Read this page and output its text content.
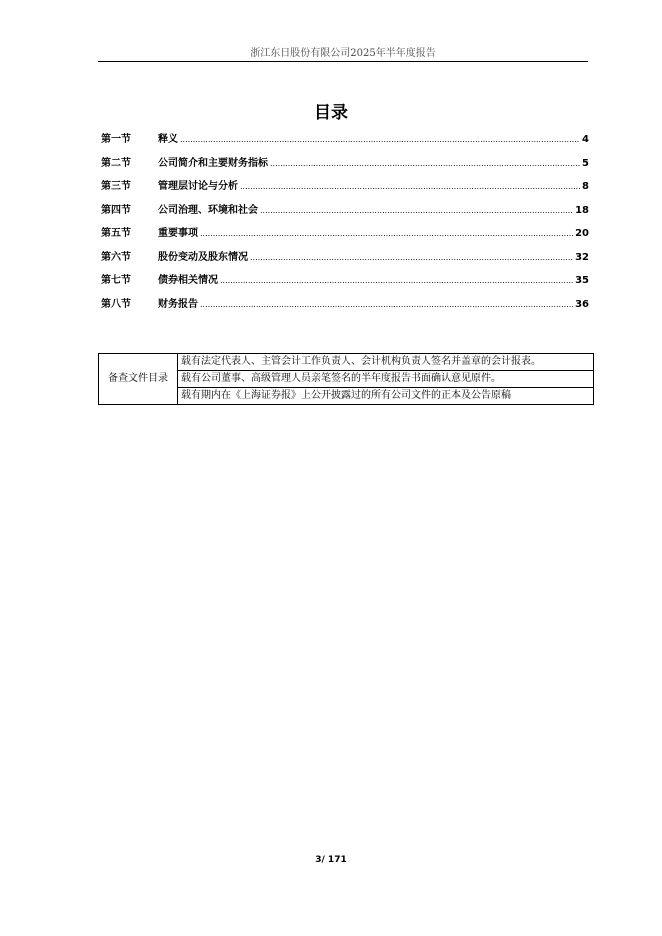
浙江东日股份有限公司2025年半年度报告
目录
第一节	释义 .....	4
第二节	公司简介和主要财务指标 .....	5
第三节	管理层讨论与分析 .....	8
第四节	公司治理、环境和社会 .....	18
第五节	重要事项 .....	20
第六节	股份变动及股东情况 .....	32
第七节	债券相关情况 .....	35
第八节	财务报告 .....	36
备查文件目录	载有法定代表人、主管会计工作负责人、会计机构负责人签名并盖章的会计报表。
载有公司董事、高级管理人员亲笔签名的半年度报告书面确认意见原件。
载有期内在《上海证券报》上公开披露过的所有公司文件的正本及公告原稿
3/ 171
